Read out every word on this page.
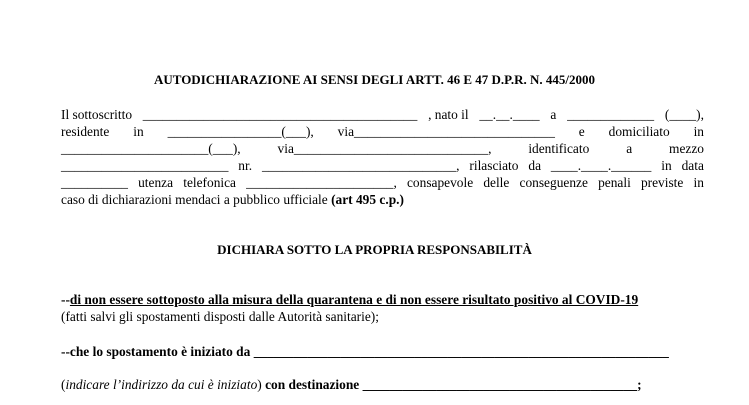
AUTODICHIARAZIONE AI SENSI DEGLI ARTT. 46 E 47 D.P.R. N. 445/2000
Il sottoscritto _________________________________________ , nato il __.__.____ a _____________ (____),
residente in _________________(___), via______________________________ e domiciliato in
______________________(___),	via_____________________________,	identificato	a	mezzo
_________________________ nr. _____________________________, rilasciato da ____.____.______ in data
__________ utenza telefonica ______________________, consapevole delle conseguenze penali previste in
caso di dichiarazioni mendaci a pubblico ufficiale (art 495 c.p.)
DICHIARA SOTTO LA PROPRIA RESPONSABILITÀ
--di non essere sottoposto alla misura della quarantena e di non essere risultato positivo al COVID-19
(fatti salvi gli spostamenti disposti dalle Autorità sanitarie);
--che lo spostamento è iniziato da ______________________________________________________________
(indicare l’indirizzo da cui è iniziato) con destinazione _________________________________________;
